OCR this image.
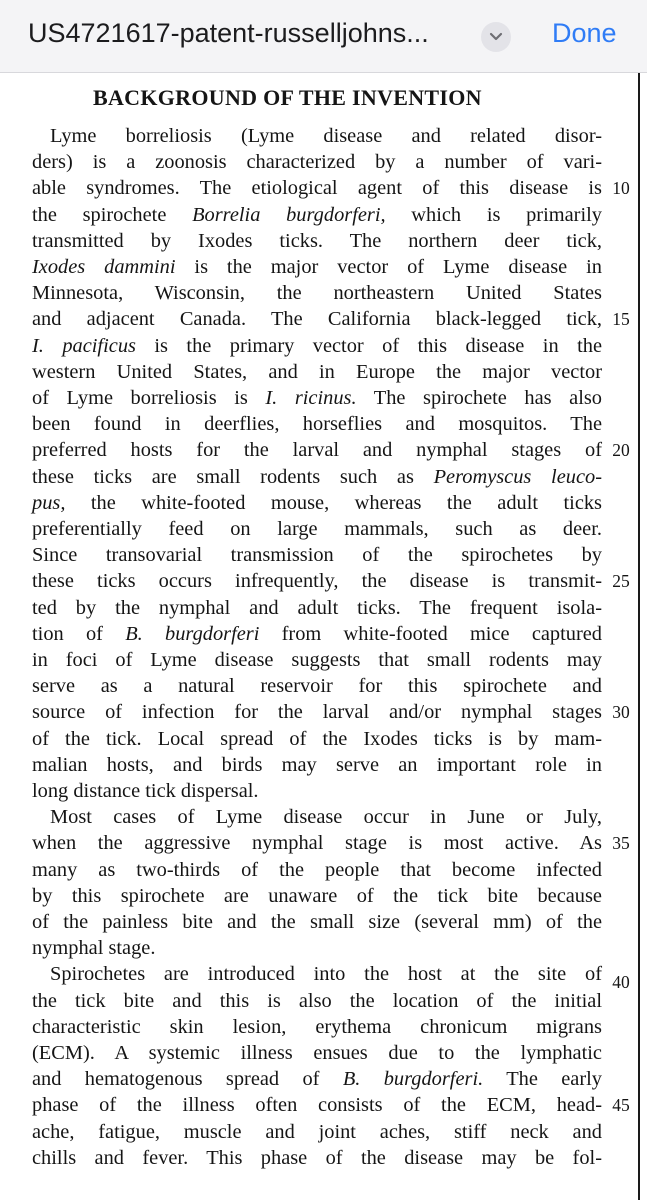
US4721617-patent-russelljohns...	Done
BACKGROUND OF THE INVENTION
Lyme borreliosis (Lyme disease and related disor-
ders) is a zoonosis characterized by a number of vari-
able syndromes. The etiological agent of this disease is
the spirochete Borrelia burgdorferi, which is primarily
transmitted by Ixodes ticks. The northern deer tick,
Ixodes dammini is the major vector of Lyme disease in
Minnesota, Wisconsin, the northeastern United States
and adjacent Canada. The California black-legged tick,
I. pacificus is the primary vector of this disease in the
western United States, and in Europe the major vector
of Lyme borreliosis is I. ricinus. The spirochete has also
been found in deerflies, horseflies and mosquitos. The
preferred hosts for the larval and nymphal stages of
these ticks are small rodents such as Peromyscus leuco-
pus, the white-footed mouse, whereas the adult ticks
preferentially feed on large mammals, such as deer.
Since transovarial transmission of the spirochetes by
these ticks occurs infrequently, the disease is transmit-
ted by the nymphal and adult ticks. The frequent isola-
tion of B. burgdorferi from white-footed mice captured
in foci of Lyme disease suggests that small rodents may
serve as a natural reservoir for this spirochete and
source of infection for the larval and/or nymphal stages
of the tick. Local spread of the Ixodes ticks is by mam-
malian hosts, and birds may serve an important role in
long distance tick dispersal.
Most cases of Lyme disease occur in June or July,
when the aggressive nymphal stage is most active. As
many as two-thirds of the people that become infected
by this spirochete are unaware of the tick bite because
of the painless bite and the small size (several mm) of the
nymphal stage.
Spirochetes are introduced into the host at the site of
the tick bite and this is also the location of the initial
characteristic skin lesion, erythema chronicum migrans
(ECM). A systemic illness ensues due to the lymphatic
and hematogenous spread of B. burgdorferi. The early
phase of the illness often consists of the ECM, head-
ache, fatigue, muscle and joint aches, stiff neck and
chills and fever. This phase of the disease may be fol-
10
15
20
25
30
35
40
45
